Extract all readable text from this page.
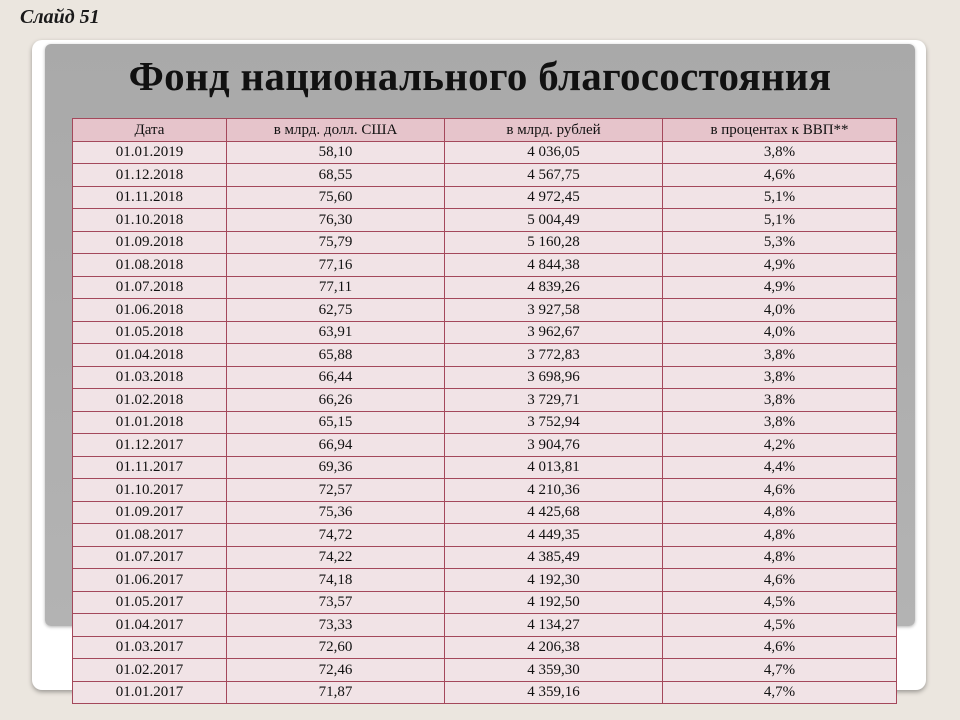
Слайд 51
Фонд национального благосостояния
Дата	в млрд. долл. США	в млрд. рублей	в процентах к ВВП**
01.01.2019	58,10	4 036,05	3,8%
01.12.2018	68,55	4 567,75	4,6%
01.11.2018	75,60	4 972,45	5,1%
01.10.2018	76,30	5 004,49	5,1%
01.09.2018	75,79	5 160,28	5,3%
01.08.2018	77,16	4 844,38	4,9%
01.07.2018	77,11	4 839,26	4,9%
01.06.2018	62,75	3 927,58	4,0%
01.05.2018	63,91	3 962,67	4,0%
01.04.2018	65,88	3 772,83	3,8%
01.03.2018	66,44	3 698,96	3,8%
01.02.2018	66,26	3 729,71	3,8%
01.01.2018	65,15	3 752,94	3,8%
01.12.2017	66,94	3 904,76	4,2%
01.11.2017	69,36	4 013,81	4,4%
01.10.2017	72,57	4 210,36	4,6%
01.09.2017	75,36	4 425,68	4,8%
01.08.2017	74,72	4 449,35	4,8%
01.07.2017	74,22	4 385,49	4,8%
01.06.2017	74,18	4 192,30	4,6%
01.05.2017	73,57	4 192,50	4,5%
01.04.2017	73,33	4 134,27	4,5%
01.03.2017	72,60	4 206,38	4,6%
01.02.2017	72,46	4 359,30	4,7%
01.01.2017	71,87	4 359,16	4,7%
